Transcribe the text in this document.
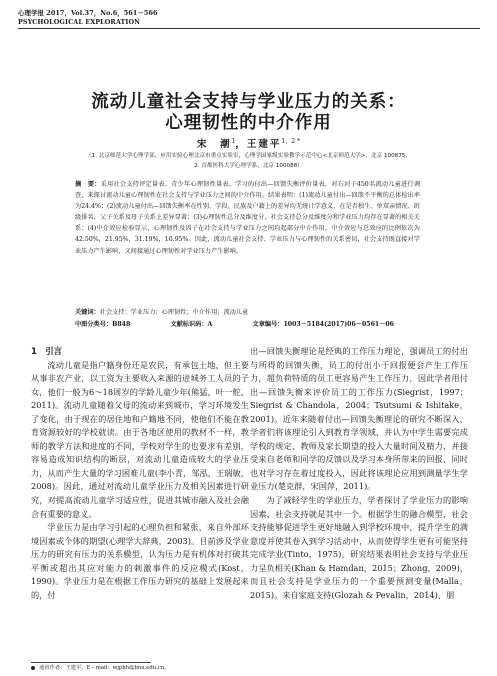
心理学报 2017，Vol.37，No.6，561－566
PSYCHOLOGICAL EXPLORATION
流动儿童社会支持与学业压力的关系：
心理韧性的中介作用
宋　潮$^1$，王建平$^{1,2 *}$
（1. 北京师范大学心理学部，应用实验心理北京市重点实验室，心理学国家级实验教学示范中心<北京师范大学>，北京 100875；
2. 首都医科大学心理学系，北京 100088）
摘　要：采用社会支持评定量表、青少年心理韧性量表、学习的付出—回馈失衡评价量表，对石河子450名流动儿童进行调查，来探讨流动儿童心理韧性在社会支持与学业压力之间的中介作用。结果表明：(1)流动儿童付出—回馈不平衡的总体检出率为24.4%；(2)流动儿童付出—回馈失衡率在性别、学段、民族及户籍上的差异均无统计学意义，在是否独生、单双亲情况、班级排名、父子关系及母子关系上差异显著；(3)心理韧性总分及维度分、社会支持总分及维度分和学业压力均存在显著的相关关系；(4)中介效应检验显示，心理韧性及因子在社会支持与学业压力之间均起部分中介作用，中介效应与总效应的比例依次为42.50%，21.95%，31.19%，10.95%。因此，流动儿童社会支持、学业压力与心理韧性的关系密切，社会支持既直接对学业压力产生影响，又间接通过心理韧性对学业压力产生影响。
关键词：社会支持；学业压力；心理韧性；中介作用；流动儿童
中图分类号：B848	文献标识码：A	文章编号：1003－5184(2017)06－0561－06
1　引言

流动儿童是指户籍身份还是农民，有承包土地，但主要从事非农产业，以工资为主要收入来源的进城务工人员的子女，他们一般为6～18周岁的学龄儿童少年(熊猛，叶一舵，2011)。流动儿童随着父母的流动来到城市，学习环境发生了变化，由于现在的居住地和户籍地不同，使他们不能在教育资源较好的学校就读。由于各地区使用的教材不一样，教师的教学方法和进度的不同，学校对学生的也要求有差别，容易造成知识结构的断层，对流动儿童造成较大的学业压力，从而产生大量的学习困难儿童(李小青，邹泓，王瑞敏，2008)。因此，通过对流动儿童学业压力及相关因素进行研究，对提高流动儿童学习适应性，促进其城市融入及社会融合有重要的意义。

学业压力是由学习引起的心理负担和紧张，来自外部环境因素或个体的期望(心理学大辞典，2003)。目前涉及学业压力的研究有压力的关系模型，认为压力是有机体对打破其平衡或超出其应对能力的刺激事件的反应模式(Kost，1990)。学业压力是在根据工作压力研究的基础上发展起来的，付

出—回馈失衡理论是经典的工作压力理论，强调员工的付出与所得的回馈失衡，员工的付出小于回报便会产生工作压力，超负荷特质的员工更容易产生工作压力，因此学者用付出—回馈失衡来评价员工的工作压力(Siegrist，1997；Siegrist & Chandola，2004；Tsutsumi & Ishitake，2001)。近年来随着付出—回馈失衡理论的研究不断深入，学者们将该理论引入到教育学领域，并认为中学生需要完成学校的规定、教师及家长期望的投入大量时间及精力，并接受来自老师和同学的反馈以及学习本身所带来的回报，同时也对学习存在着过度投入，因此将该理论应用到测量学生学业压力(楚克群，宋国萍，2011)。

为了减轻学生的学业压力，学者探讨了学业压力的影响因素，社会支持就是其中一个。根据学生的融合模型，社会支持能够促进学生更好地融入到学校环境中，提升学生的满意度并使其卷入到学习活动中，从而使得学生更有可能坚持完成学业(Tinto，1975)。研究结果表明社会支持与学业压力呈负相关(Khan & Hamdan，2015；Zhong，2009)，而且社会支持是学业压力的一个重要预测变量(Malla，2015)。来自家庭支持(Glozah & Pevalin，2014)、朋

通讯作者：王建平，E－mail：wjphh@bnu.edu.cn。
